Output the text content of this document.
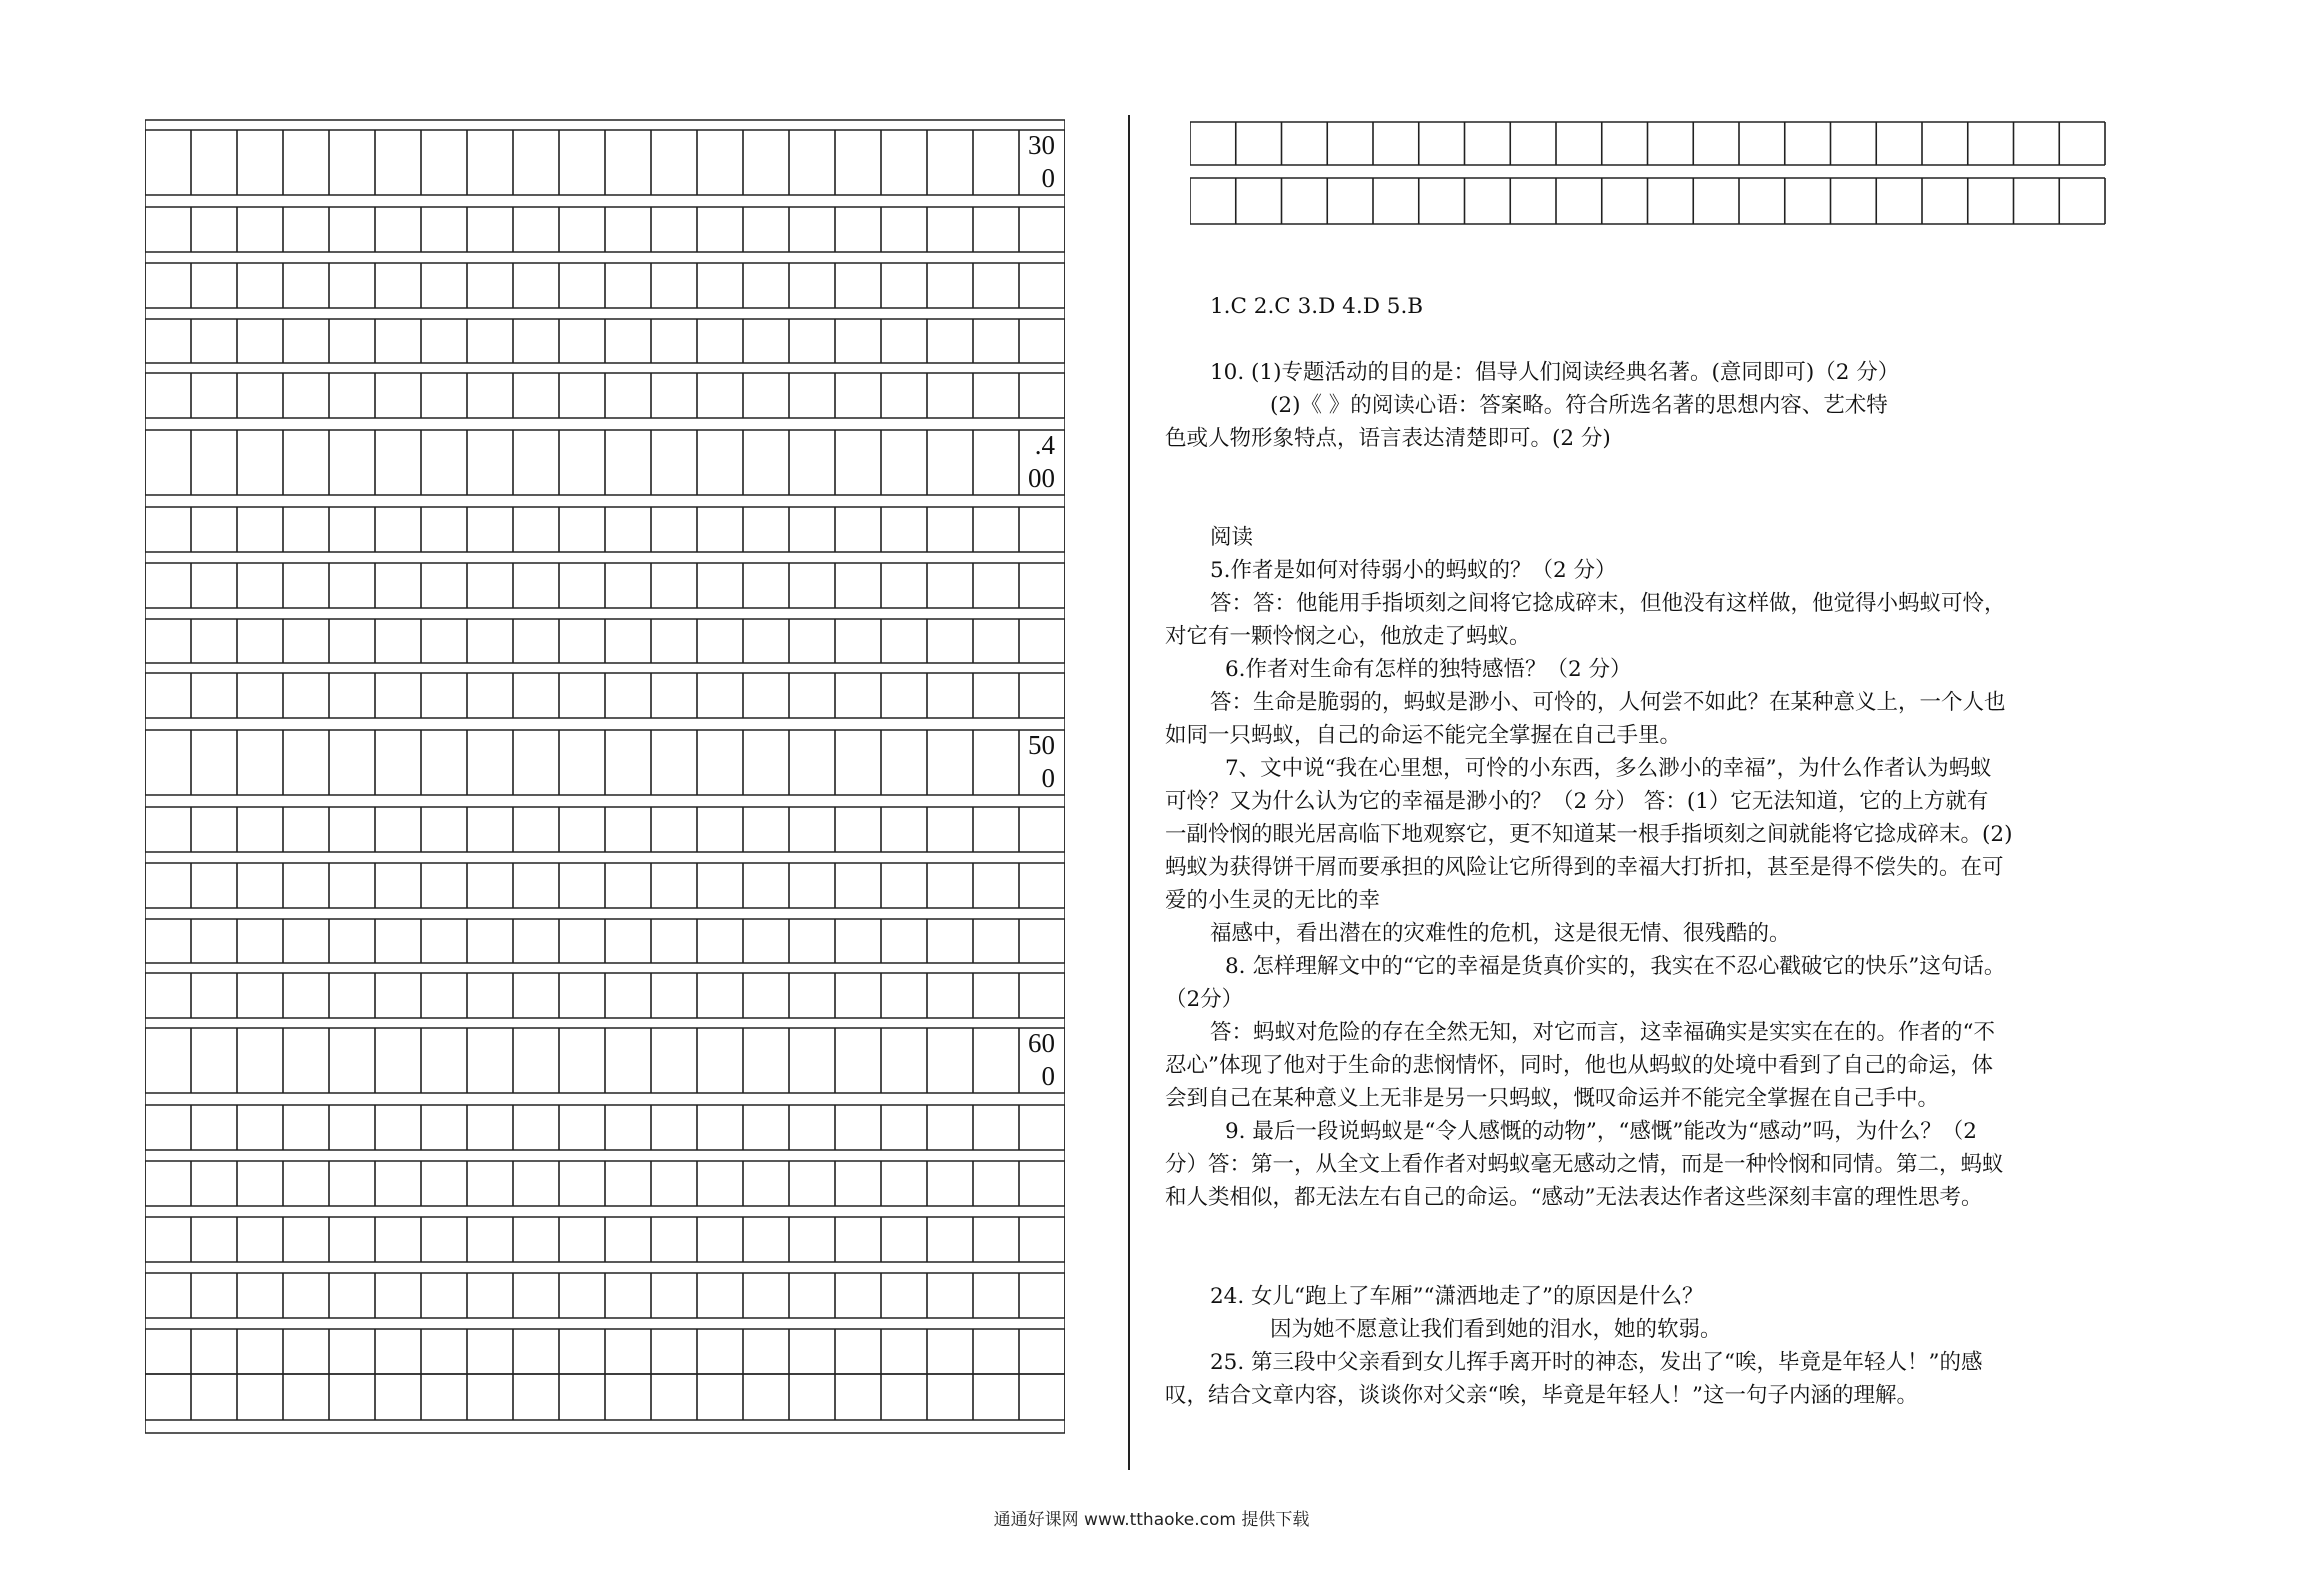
30
0
.4
00
50
0
60
0

1.C 2.C 3.D 4.D 5.B

10. (1)专题活动的目的是：倡导人们阅读经典名著。(意同即可)（2 分）

(2)《 》的阅读心语：答案略。符合所选名著的思想内容、艺术特

色或人物形象特点，语言表达清楚即可。(2 分)

阅读

5.作者是如何对待弱小的蚂蚁的？（2 分）

答：答：他能用手指顷刻之间将它捻成碎末，但他没有这样做，他觉得小蚂蚁可怜，

对它有一颗怜悯之心，他放走了蚂蚁。

6.作者对生命有怎样的独特感悟？（2 分）

答：生命是脆弱的，蚂蚁是渺小、可怜的，人何尝不如此？在某种意义上，一个人也

如同一只蚂蚁，自己的命运不能完全掌握在自己手里。

7、文中说“我在心里想，可怜的小东西，多么渺小的幸福”，为什么作者认为蚂蚁

可怜？又为什么认为它的幸福是渺小的？（2 分） 答：(1）它无法知道，它的上方就有

一副怜悯的眼光居高临下地观察它，更不知道某一根手指顷刻之间就能将它捻成碎末。(2)

蚂蚁为获得饼干屑而要承担的风险让它所得到的幸福大打折扣，甚至是得不偿失的。在可

爱的小生灵的无比的幸

福感中，看出潜在的灾难性的危机，这是很无情、很残酷的。

8. 怎样理解文中的“它的幸福是货真价实的，我实在不忍心戳破它的快乐”这句话。

（2分）

答：蚂蚁对危险的存在全然无知，对它而言，这幸福确实是实实在在的。作者的“不

忍心”体现了他对于生命的悲悯情怀，同时，他也从蚂蚁的处境中看到了自己的命运，体

会到自己在某种意义上无非是另一只蚂蚁，慨叹命运并不能完全掌握在自己手中。

9. 最后一段说蚂蚁是“令人感慨的动物”，“感慨”能改为“感动”吗，为什么？（2

分）答：第一，从全文上看作者对蚂蚁毫无感动之情，而是一种怜悯和同情。第二，蚂蚁

和人类相似，都无法左右自己的命运。“感动”无法表达作者这些深刻丰富的理性思考。

24. 女儿“跑上了车厢”“潇洒地走了”的原因是什么？

因为她不愿意让我们看到她的泪水，她的软弱。

25. 第三段中父亲看到女儿挥手离开时的神态，发出了“唉，毕竟是年轻人！”的感

叹，结合文章内容，谈谈你对父亲“唉，毕竟是年轻人！”这一句子内涵的理解。

通通好课网 www.tthaoke.com 提供下载
